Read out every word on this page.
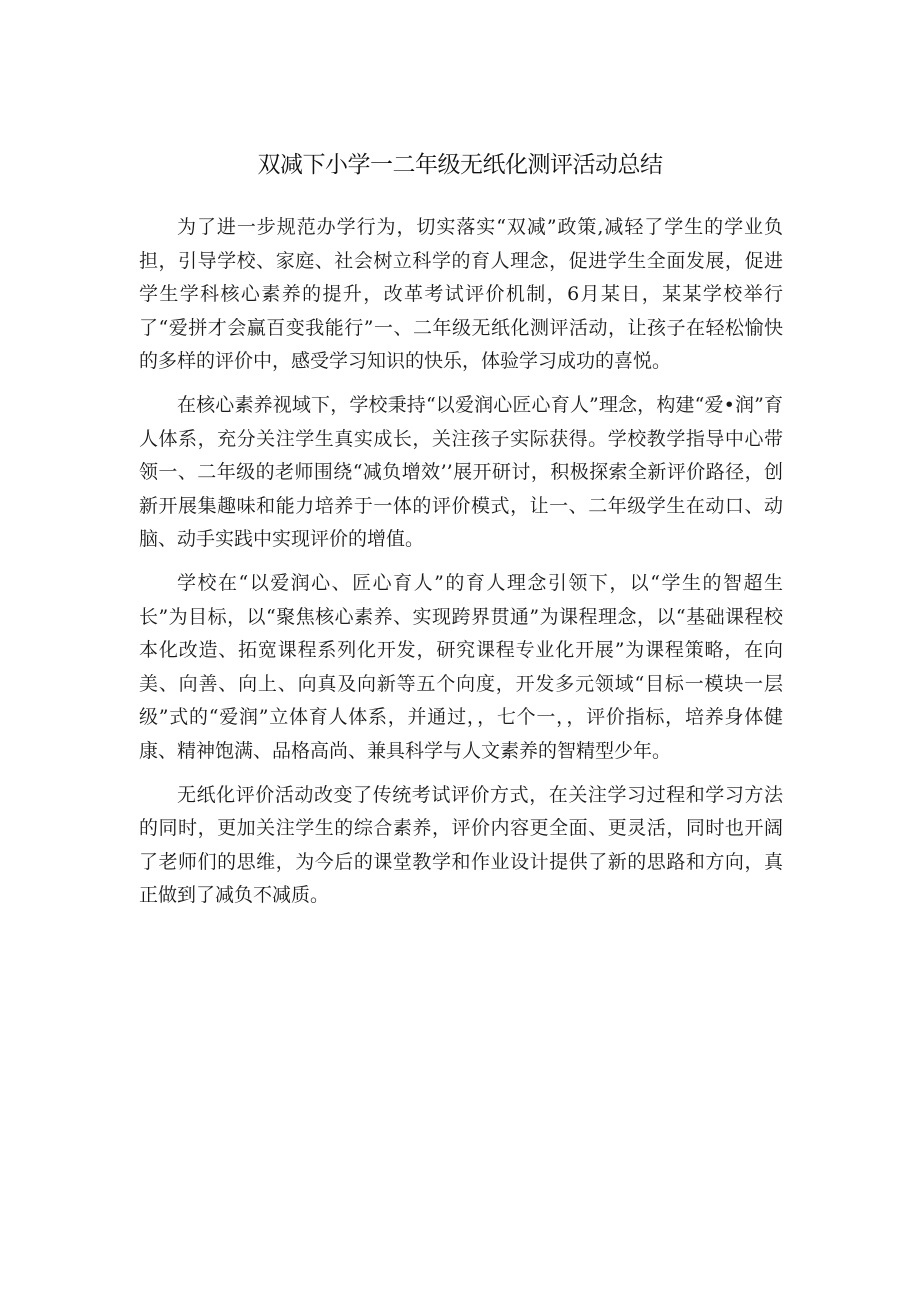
双减下小学一二年级无纸化测评活动总结

为了进一步规范办学行为，切实落实“双减”政策,减轻了学生的学业负担，引导学校、家庭、社会树立科学的育人理念，促进学生全面发展，促进学生学科核心素养的提升，改革考试评价机制，6月某日，某某学校举行了“爱拼才会赢百变我能行”一、二年级无纸化测评活动，让孩子在轻松愉快的多样的评价中，感受学习知识的快乐，体验学习成功的喜悦。

在核心素养视域下，学校秉持“以爱润心匠心育人”理念，构建“爱•润”育人体系，充分关注学生真实成长，关注孩子实际获得。学校教学指导中心带领一、二年级的老师围绕“减负增效’’展开研讨，积极探索全新评价路径，创新开展集趣味和能力培养于一体的评价模式，让一、二年级学生在动口、动脑、动手实践中实现评价的增值。

学校在“以爱润心、匠心育人”的育人理念引领下，以“学生的智超生长”为目标，以“聚焦核心素养、实现跨界贯通”为课程理念，以“基础课程校本化改造、拓宽课程系列化开发，研究课程专业化开展”为课程策略，在向美、向善、向上、向真及向新等五个向度，开发多元领域“目标一模块一层级”式的“爱润”立体育人体系，并通过，，七个一，，评价指标，培养身体健康、精神饱满、品格高尚、兼具科学与人文素养的智精型少年。

无纸化评价活动改变了传统考试评价方式，在关注学习过程和学习方法的同时，更加关注学生的综合素养，评价内容更全面、更灵活，同时也开阔了老师们的思维，为今后的课堂教学和作业设计提供了新的思路和方向，真正做到了减负不减质。
